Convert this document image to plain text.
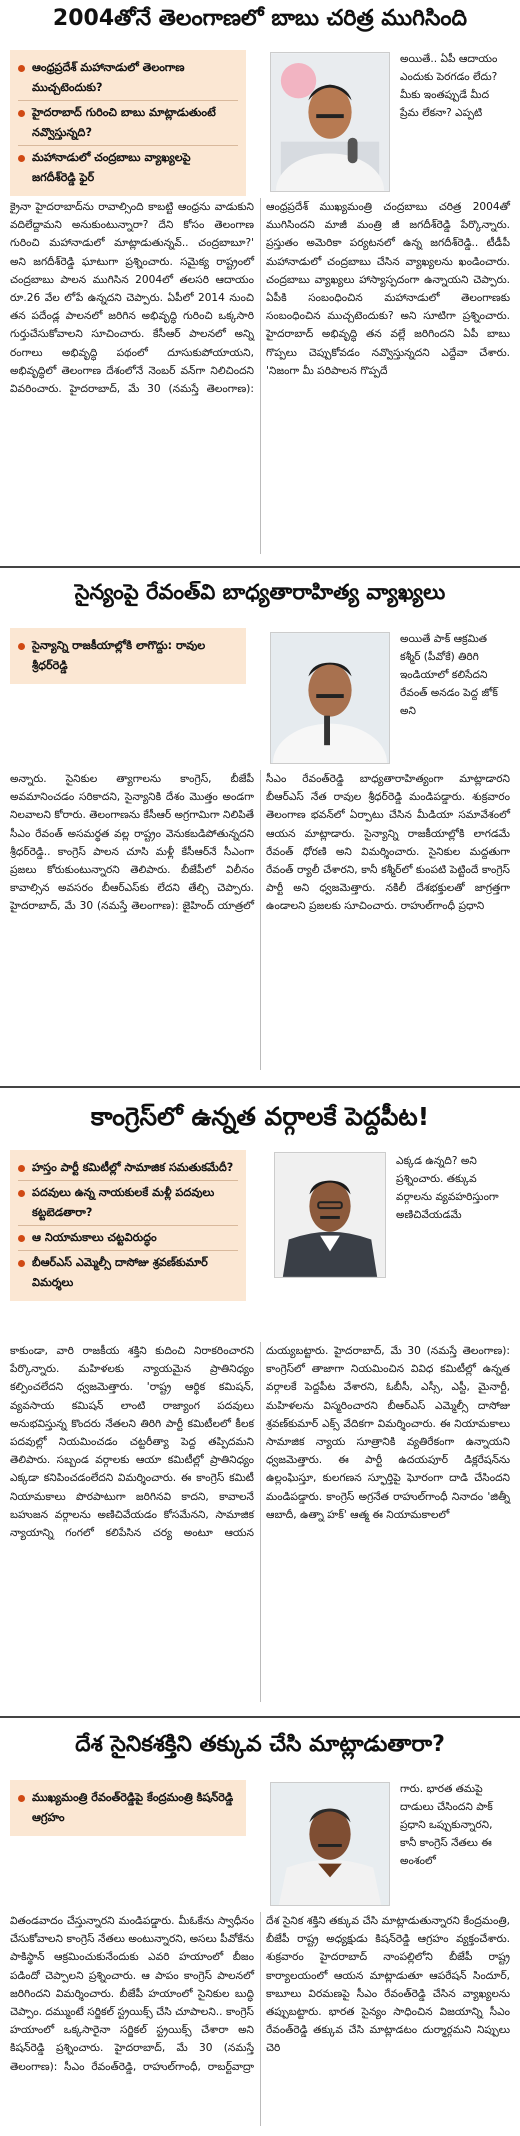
2004తోనే తెలంగాణలో బాబు చరిత్ర ముగిసింది
ఆంధ్రప్రదేశ్ మహానాడులో తెలంగాణ ముచ్చటెందుకు?
హైదరాబాద్ గురించి బాబు మాట్లాడుతుంటే నవ్వొస్తున్నది?
మహానాడులో చంద్రబాబు వ్యాఖ్యలపై జగదీశ్‌రెడ్డి ఫైర్
అయితే.. ఏపీ ఆదాయం ఎందుకు పెరగడం లేదు? మీకు ఇంతప్పుడే మీద ప్రేమ లేకనా? ఎప్పటి
క్రైనా హైదరాబాద్‌ను రావాల్సింది కాబట్టి ఆంధ్రను వాడుకుని వదిలేద్దామని అనుకుంటున్నారా? దేని కోసం తెలంగాణ గురించి మహానాడులో మాట్లాడుతున్నవ్.. చంద్రబాబూ?' అని జగదీశ్‌రెడ్డి ఘాటుగా ప్రశ్నించారు. సమైక్య రాష్ట్రంలో చంద్రబాబు పాలన ముగిసిన 2004లో తలసరి ఆదాయం రూ.26 వేల లోపే ఉన్నదని చెప్పారు. ఏపీలో 2014 నుంచి తన పదేండ్ల పాలనలో జరిగిన అభివృద్ధి గురించి ఒక్కసారి గుర్తుచేసుకోవాలని సూచించారు. కేసీఆర్ పాలనలో అన్ని రంగాలు అభివృద్ధి పథంలో దూసుకుపోయాయని, అభివృద్ధిలో తెలంగాణ దేశంలోనే నెంబర్ వన్‌గా నిలిచిందని వివరించారు. హైదరాబాద్, మే 30 (నమస్తే తెలంగాణ): ఆంధ్రప్రదేశ్ ముఖ్యమంత్రి చంద్రబాబు చరిత్ర 2004తో ముగిసిందని మాజీ మంత్రి జీ జగదీశ్‌రెడ్డి పేర్కొన్నారు. ప్రస్తుతం అమెరికా పర్యటనలో ఉన్న జగదీశ్‌రెడ్డి.. టీడీపీ మహానాడులో చంద్రబాబు చేసిన వ్యాఖ్యలను ఖండించారు. చంద్రబాబు వ్యాఖ్యలు హాస్యాస్పదంగా ఉన్నాయని చెప్పారు. ఏపీకి సంబంధించిన మహానాడులో తెలంగాణకు సంబంధించిన ముచ్చటెందుకు? అని సూటిగా ప్రశ్నించారు. హైదరాబాద్ అభివృద్ధి తన వల్లే జరిగిందని ఏపీ బాబు గొప్పలు చెప్పుకోవడం నవ్వొస్తున్నదని ఎద్దేవా చేశారు. 'నిజంగా మీ పరిపాలన గొప్పదే
సైన్యంపై రేవంత్‌వి బాధ్యతారాహిత్య వ్యాఖ్యలు
సైన్యాన్ని రాజకీయాల్లోకి లాగొద్దు: రావుల శ్రీధర్‌రెడ్డి
అయితే పాక్ ఆక్రమిత కశ్మీర్ (పీవోకే) తిరిగి ఇండియాలో కలిసేదని రేవంత్ అనడం పెద్ద జోక్ అని
అన్నారు. సైనికుల త్యాగాలను కాంగ్రెస్, బీజేపీ అవమానించడం సరికాదని, సైన్యానికి దేశం మొత్తం అండగా నిలవాలని కోరారు. తెలంగాణను కేసీఆర్ అగ్రగామిగా నిలిపితే సీఎం రేవంత్ అసమర్థత వల్ల రాష్ట్రం వెనుకబడిపోతున్నదని శ్రీధర్‌రెడ్డి.. కాంగ్రెస్ పాలన చూసి మళ్లీ కేసీఆర్‌నే సీఎంగా ప్రజలు కోరుకుంటున్నారని తెలిపారు. బీజేపీలో విలీనం కావాల్సిన అవసరం బీఆర్‌ఎస్‌కు లేదని తేల్చి చెప్పారు. హైదరాబాద్, మే 30 (నమస్తే తెలంగాణ): జైహింద్ యాత్రలో సీఎం రేవంత్‌రెడ్డి బాధ్యతారాహిత్యంగా మాట్లాడారని బీఆర్‌ఎస్ నేత రావుల శ్రీధర్‌రెడ్డి మండిపడ్డారు. శుక్రవారం తెలంగాణ భవన్‌లో ఏర్పాటు చేసిన మీడియా సమావేశంలో ఆయన మాట్లాడారు. సైన్యాన్ని రాజకీయాల్లోకి లాగడమే రేవంత్ ధోరణి అని విమర్శించారు. సైనికుల మద్దతుగా రేవంత్ ర్యాలీ చేశారని, కానీ కశ్మీర్‌లో కుంపటి పెట్టిందే కాంగ్రెస్ పార్టీ అని ధ్వజమెత్తారు. నకిలీ దేశభక్తులతో జాగ్రత్తగా ఉండాలని ప్రజలకు సూచించారు. రాహుల్‌గాంధీ ప్రధాని
కాంగ్రెస్‌లో ఉన్నత వర్గాలకే పెద్దపీట!
హస్తం పార్టీ కమిటీల్లో సామాజిక సమతుకమేదీ?
పదవులు ఉన్న నాయకులకే మళ్లీ పదవులు కట్టబెడతారా?
ఆ నియామకాలు చట్టవిరుద్ధం
బీఆర్‌ఎస్ ఎమ్మెల్సీ దాసోజు శ్రవణ్‌కుమార్ విమర్శలు
ఎక్కడ ఉన్నది? అని ప్రశ్నించారు. తక్కువ వర్గాలను వ్యవహరిస్తుంగా అణిచివేయడమే
కాకుండా, వారి రాజకీయ శక్తిని కుదించి నిరాకరించారని పేర్కొన్నారు. మహిళలకు న్యాయమైన ప్రాతినిధ్యం కల్పించలేదని ధ్వజమెత్తారు. 'రాష్ట్ర ఆర్థిక కమిషన్, వ్యవసాయ కమిషన్ లాంటి రాజ్యాంగ పదవులు అనుభవిస్తున్న కొందరు నేతలని తిరిగి పార్టీ కమిటీలలో కీలక పదవుల్లో నియమించడం చట్టరీత్యా పెద్ద తప్పిదమని తెలిపారు. సబ్బండ వర్గాలకు ఆయా కమిటీల్లో ప్రాతినిధ్యం ఎక్కడా కనిపించడంలేదని విమర్శించారు. ఈ కాంగ్రెస్ కమిటీ నియామకాలు పొరపాటుగా జరిగినవి కాదని, కావాలనే బహుజన వర్గాలను అణిచివేయడం కోసమేనని, సామాజిక న్యాయాన్ని గంగలో కలిపేసిన చర్య అంటూ ఆయన దుయ్యబట్టారు. హైదరాబాద్, మే 30 (నమస్తే తెలంగాణ): కాంగ్రెస్‌లో తాజాగా నియమించిన వివిధ కమిటీల్లో ఉన్నత వర్గాలకే పెద్దపీట వేశారని, ఓబీసీ, ఎస్సీ, ఎస్టీ, మైనార్టీ, మహిళలను విస్మరించారని బీఆర్‌ఎస్ ఎమ్మెల్సీ దాసోజు శ్రవణ్‌కుమార్ ఎక్స్ వేదికగా విమర్శించారు. ఈ నియామకాలు సామాజిక న్యాయ సూత్రానికి వ్యతిరేకంగా ఉన్నాయని ధ్వజమెత్తారు. ఈ పార్టీ ఉదయపూర్ డిక్లరేషన్‌ను ఉల్లంఘిస్తూ, కులగణన స్ఫూర్తిపై ఘోరంగా దాడి చేసిందని మండిపడ్డారు. కాంగ్రెస్ అగ్రనేత రాహుల్‌గాంధీ నినాదం 'జిత్నీ ఆబాదీ, ఉత్నా హక్' ఆత్మ ఈ నియామకాలలో
దేశ సైనికశక్తిని తక్కువ చేసి మాట్లాడుతారా?
ముఖ్యమంత్రి రేవంత్‌రెడ్డిపై కేంద్రమంత్రి కిషన్‌రెడ్డి ఆగ్రహం
గారు. భారత త‌మపై దాడులు చేసిందని పాక్ ప్రధాని ఒప్పుకున్నారని, కానీ కాంగ్రెస్ నేతలు ఈ అంశంలో
వితండవాదం చేస్తున్నారని మండిపడ్డారు. మీఓకేను స్వాధీనం చేసుకోవాలని కాంగ్రెస్ నేతలు అంటున్నారని, అసలు పీవోకేను పాకిస్థాన్ ఆక్రమించుకునేందుకు ఎవరి హయాంలో బీజం పడిందో చెప్పాలని ప్రశ్నించారు. ఆ పాపం కాంగ్రెస్ పాలనలో జరిగిందని విమర్శించారు. బీజేపీ హయాంలో సైనికుల బుద్ధి చెప్పాం. దమ్ముంటే సర్జికల్ స్ట్రయిక్స్ చేసి చూపాలని.. కాంగ్రెస్ హయాంలో ఒక్కసారైనా సర్జికల్ స్ట్రయిక్స్ చేశారా అని కిషన్‌రెడ్డి ప్రశ్నించారు. హైదరాబాద్, మే 30 (నమస్తే తెలంగాణ): సీఎం రేవంత్‌రెడ్డి, రాహుల్‌గాంధీ, రాబర్ట్‌వాద్రా దేశ సైనిక శక్తిని తక్కువ చేసి మాట్లాడుతున్నారని కేంద్రమంత్రి, బీజేపీ రాష్ట్ర అధ్యక్షుడు కిషన్‌రెడ్డి ఆగ్రహం వ్యక్తంచేశారు. శుక్రవారం హైదరాబాద్ నాంపల్లిలోని బీజేపీ రాష్ట్ర కార్యాలయంలో ఆయన మాట్లాడుతూ ఆపరేషన్ సిందూర్, కాబూలు విరమణపై సీఎం రేవంత్‌రెడ్డి చేసిన వ్యాఖ్యలను తప్పుబట్టారు. భారత సైన్యం సాధించిన విజయాన్ని సీఎం రేవంత్‌రెడ్డి తక్కువ చేసి మాట్లాడటం దుర్మార్గమని నిప్పులు చెరి
